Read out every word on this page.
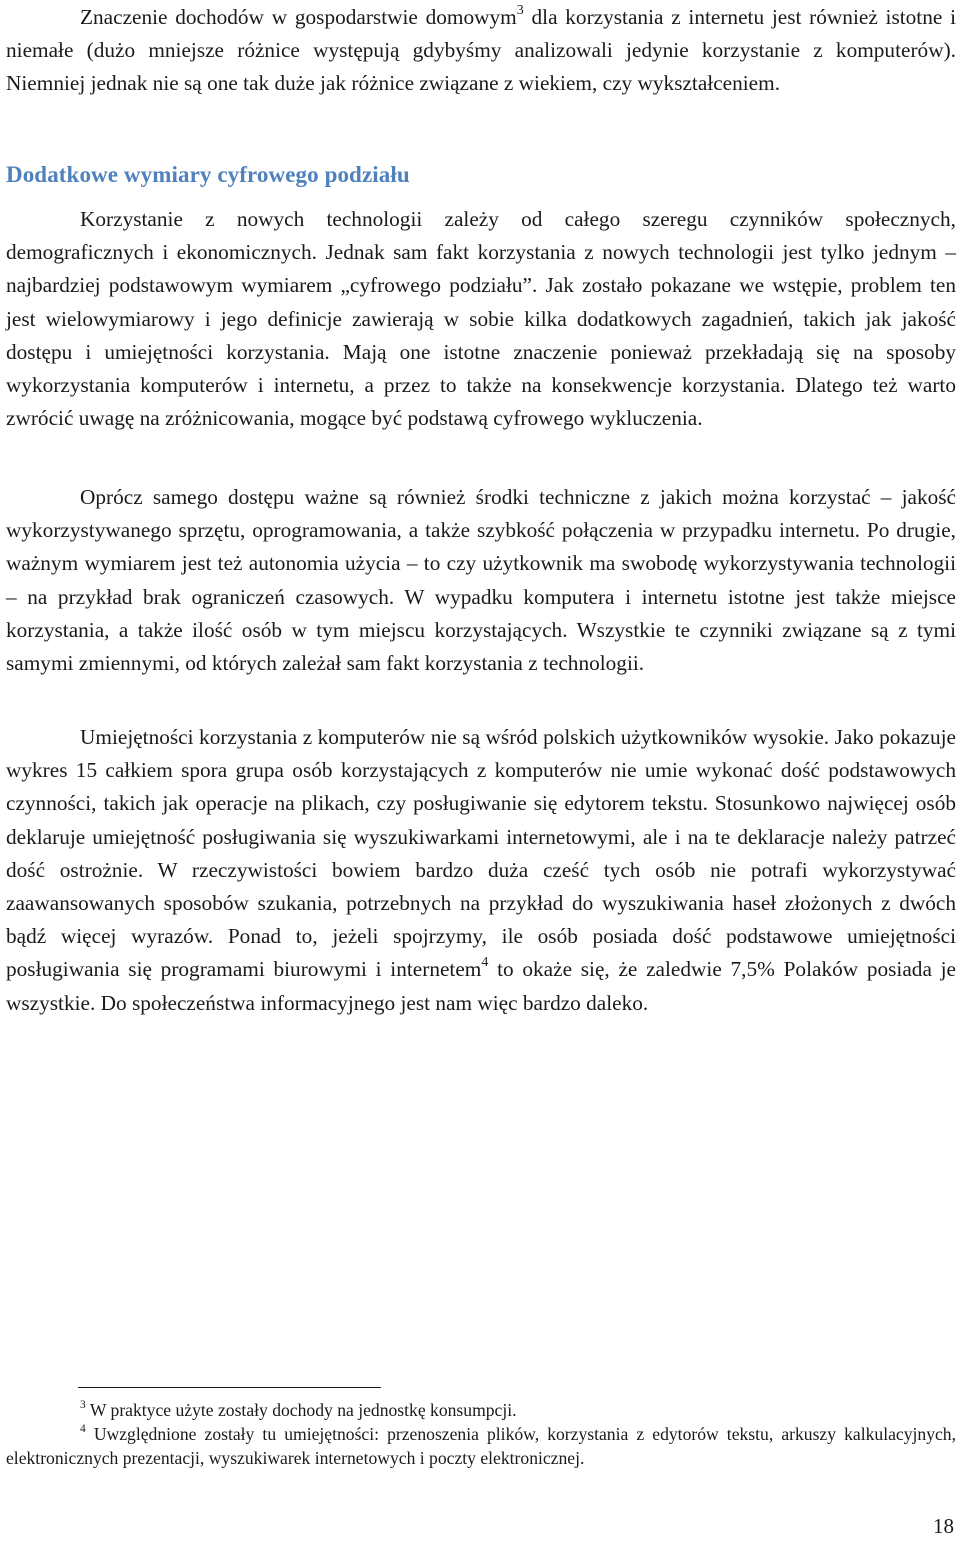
Znaczenie dochodów w gospodarstwie domowym$^3$ dla korzystania z internetu jest również istotne i niemałe (dużo mniejsze różnice występują gdybyśmy analizowali jedynie korzystanie z komputerów). Niemniej jednak nie są one tak duże jak różnice związane z wiekiem, czy wykształceniem.

Dodatkowe wymiary cyfrowego podziału

Korzystanie z nowych technologii zależy od całego szeregu czynników społecznych, demograficznych i ekonomicznych. Jednak sam fakt korzystania z nowych technologii jest tylko jednym – najbardziej podstawowym wymiarem „cyfrowego podziału”. Jak zostało pokazane we wstępie, problem ten jest wielowymiarowy i jego definicje zawierają w sobie kilka dodatkowych zagadnień, takich jak jakość dostępu i umiejętności korzystania. Mają one istotne znaczenie ponieważ przekładają się na sposoby wykorzystania komputerów i internetu, a przez to także na konsekwencje korzystania. Dlatego też warto zwrócić uwagę na zróżnicowania, mogące być podstawą cyfrowego wykluczenia.

Oprócz samego dostępu ważne są również środki techniczne z jakich można korzystać – jakość wykorzystywanego sprzętu, oprogramowania, a także szybkość połączenia w przypadku internetu. Po drugie, ważnym wymiarem jest też autonomia użycia – to czy użytkownik ma swobodę wykorzystywania technologii – na przykład brak ograniczeń czasowych. W wypadku komputera i internetu istotne jest także miejsce korzystania, a także ilość osób w tym miejscu korzystających. Wszystkie te czynniki związane są z tymi samymi zmiennymi, od których zależał sam fakt korzystania z technologii.

Umiejętności korzystania z komputerów nie są wśród polskich użytkowników wysokie. Jako pokazuje wykres 15 całkiem spora grupa osób korzystających z komputerów nie umie wykonać dość podstawowych czynności, takich jak operacje na plikach, czy posługiwanie się edytorem tekstu. Stosunkowo najwięcej osób deklaruje umiejętność posługiwania się wyszukiwarkami internetowymi, ale i na te deklaracje należy patrzeć dość ostrożnie. W rzeczywistości bowiem bardzo duża cześć tych osób nie potrafi wykorzystywać zaawansowanych sposobów szukania, potrzebnych na przykład do wyszukiwania haseł złożonych z dwóch bądź więcej wyrazów. Ponad to, jeżeli spojrzymy, ile osób posiada dość podstawowe umiejętności posługiwania się programami biurowymi i internetem$^4$ to okaże się, że zaledwie 7,5% Polaków posiada je wszystkie. Do społeczeństwa informacyjnego jest nam więc bardzo daleko.

$^3$ W praktyce użyte zostały dochody na jednostkę konsumpcji.

$^4$ Uwzględnione zostały tu umiejętności: przenoszenia plików, korzystania z edytorów tekstu, arkuszy kalkulacyjnych, elektronicznych prezentacji, wyszukiwarek internetowych i poczty elektronicznej.

18
